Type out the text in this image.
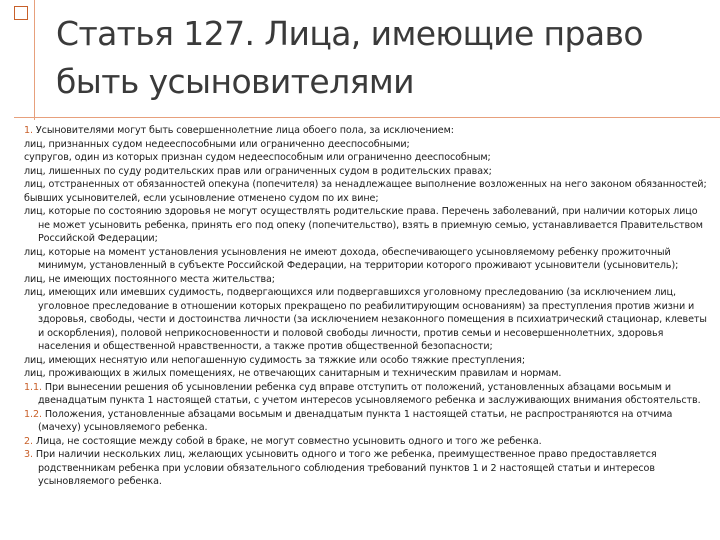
Статья 127. Лица, имеющие право быть усыновителями

1. Усыновителями могут быть совершеннолетние лица обоего пола, за исключением:

лиц, признанных судом недееспособными или ограниченно дееспособными;

супругов, один из которых признан судом недееспособным или ограниченно дееспособным;

лиц, лишенных по суду родительских прав или ограниченных судом в родительских правах;

лиц, отстраненных от обязанностей опекуна (попечителя) за ненадлежащее выполнение возложенных на него законом обязанностей;

бывших усыновителей, если усыновление отменено судом по их вине;

лиц, которые по состоянию здоровья не могут осуществлять родительские права. Перечень заболеваний, при наличии которых лицо не может усыновить ребенка, принять его под опеку (попечительство), взять в приемную семью, устанавливается Правительством Российской Федерации;

лиц, которые на момент установления усыновления не имеют дохода, обеспечивающего усыновляемому ребенку прожиточный минимум, установленный в субъекте Российской Федерации, на территории которого проживают усыновители (усыновитель);

лиц, не имеющих постоянного места жительства;

лиц, имеющих или имевших судимость, подвергающихся или подвергавшихся уголовному преследованию (за исключением лиц, уголовное преследование в отношении которых прекращено по реабилитирующим основаниям) за преступления против жизни и здоровья, свободы, чести и достоинства личности (за исключением незаконного помещения в психиатрический стационар, клеветы и оскорбления), половой неприкосновенности и половой свободы личности, против семьи и несовершеннолетних, здоровья населения и общественной нравственности, а также против общественной безопасности;

лиц, имеющих неснятую или непогашенную судимость за тяжкие или особо тяжкие преступления;

лиц, проживающих в жилых помещениях, не отвечающих санитарным и техническим правилам и нормам.

1.1. При вынесении решения об усыновлении ребенка суд вправе отступить от положений, установленных абзацами восьмым и двенадцатым пункта 1 настоящей статьи, с учетом интересов усыновляемого ребенка и заслуживающих внимания обстоятельств.

1.2. Положения, установленные абзацами восьмым и двенадцатым пункта 1 настоящей статьи, не распространяются на отчима (мачеху) усыновляемого ребенка.

2. Лица, не состоящие между собой в браке, не могут совместно усыновить одного и того же ребенка.

3. При наличии нескольких лиц, желающих усыновить одного и того же ребенка, преимущественное право предоставляется родственникам ребенка при условии обязательного соблюдения требований пунктов 1 и 2 настоящей статьи и интересов усыновляемого ребенка.
